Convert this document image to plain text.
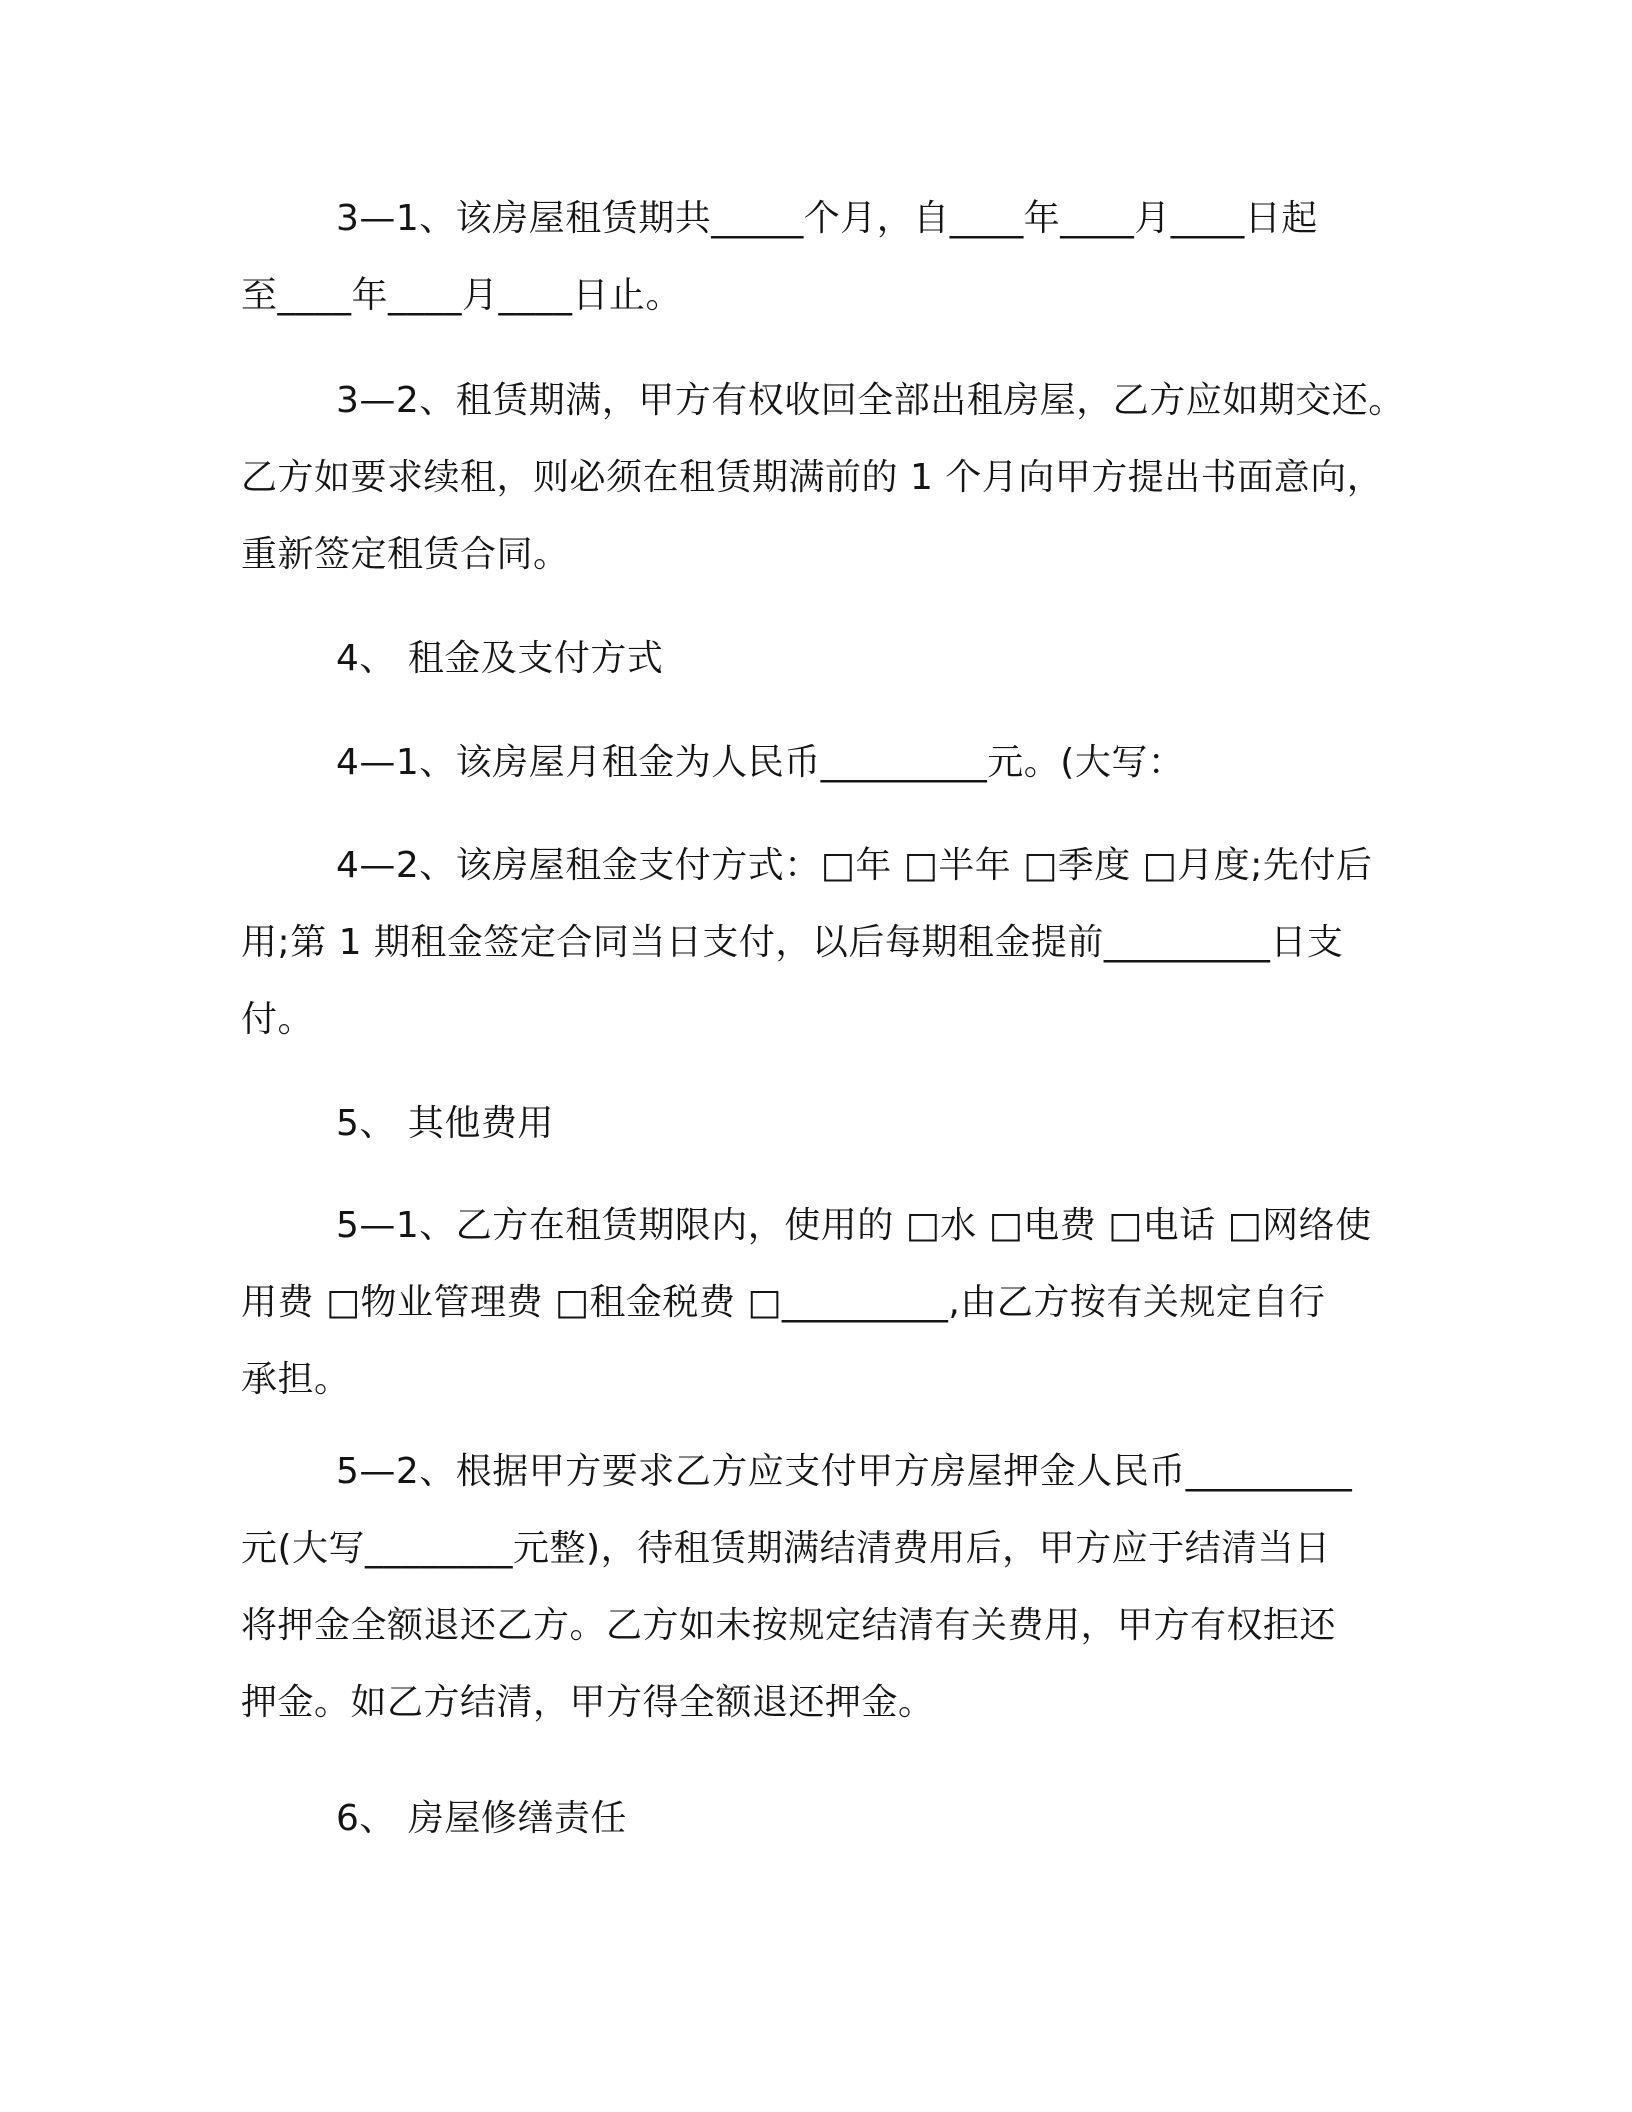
3—1、该房屋租赁期共_____个月，自____年____月____日起
至____年____月____日止。

3—2、租赁期满，甲方有权收回全部出租房屋，乙方应如期交还。
乙方如要求续租，则必须在租赁期满前的 1 个月向甲方提出书面意向，
重新签定租赁合同。

4、 租金及支付方式

4—1、该房屋月租金为人民币_________元。(大写：

4—2、该房屋租金支付方式：□年 □半年 □季度 □月度;先付后
用;第 1 期租金签定合同当日支付，以后每期租金提前_________日支
付。

5、 其他费用

5—1、乙方在租赁期限内，使用的 □水 □电费 □电话 □网络使
用费 □物业管理费 □租金税费 □_________,由乙方按有关规定自行
承担。

5—2、根据甲方要求乙方应支付甲方房屋押金人民币_________
元(大写________元整)，待租赁期满结清费用后，甲方应于结清当日
将押金全额退还乙方。乙方如未按规定结清有关费用，甲方有权拒还
押金。如乙方结清，甲方得全额退还押金。

6、 房屋修缮责任
